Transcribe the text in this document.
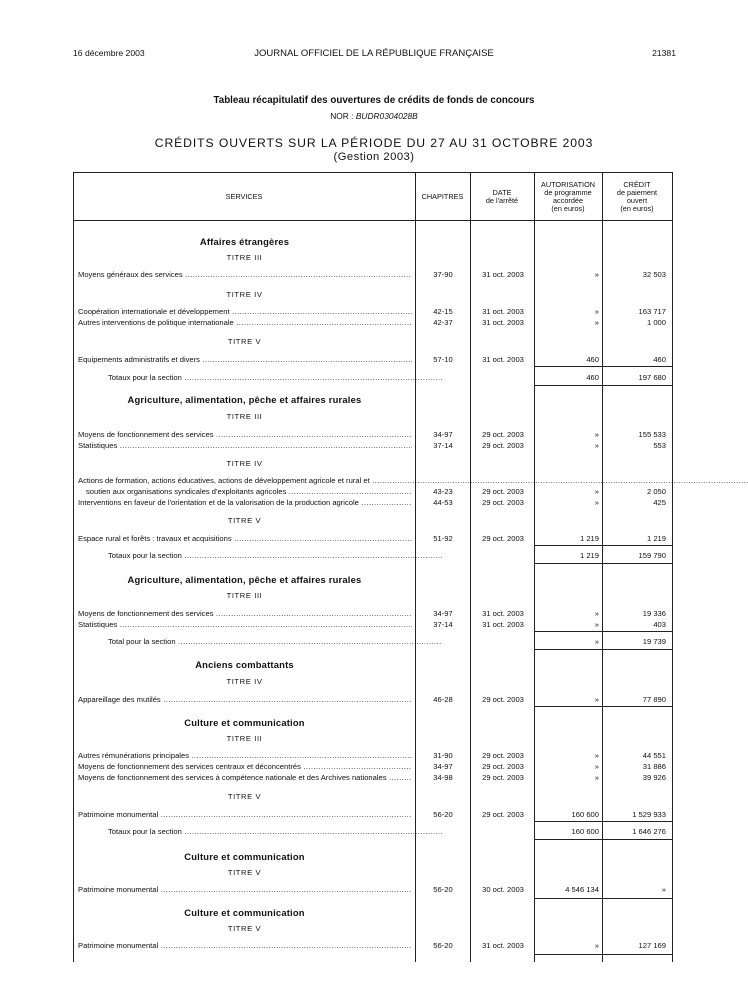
16 décembre 2003	JOURNAL OFFICIEL DE LA RÉPUBLIQUE FRANÇAISE	21381
Tableau récapitulatif des ouvertures de crédits de fonds de concours
NOR : BUDR0304028B
CRÉDITS OUVERTS SUR LA PÉRIODE DU 27 AU 31 OCTOBRE 2003
(Gestion 2003)
SERVICES	CHAPITRES	DATE
de l'arrêté
AUTORISATION
de programme
accordée
(en euros)
CRÉDIT
de paiement
ouvert
(en euros)
Affaires étrangères
TITRE III
Moyens généraux des services .....	37-90	31 oct. 2003	»	32 503
TITRE IV
Coopération internationale et développement .....	42-15	31 oct. 2003	»	163 717
Autres interventions de politique internationale .....	42-37	31 oct. 2003	»	1 000
TITRE V
Equipements administratifs et divers .....	57-10	31 oct. 2003	460	460
Totaux pour la section .....	460	197 680
Agriculture, alimentation, pêche et affaires rurales
TITRE III
Moyens de fonctionnement des services .....	34-97	29 oct. 2003	»	155 533
Statistiques .....	37-14	29 oct. 2003	»	553
TITRE IV
Actions de formation, actions éducatives, actions de développement agricole et rural et .....
soutien aux organisations syndicales d'exploitants agricoles .....	43-23	29 oct. 2003	»	2 050
Interventions en faveur de l'orientation et de la valorisation de la production agricole .....	44-53	29 oct. 2003	»	425
TITRE V
Espace rural et forêts : travaux et acquisitions .....	51-92	29 oct. 2003	1 219	1 219
Totaux pour la section .....	1 219	159 790
Agriculture, alimentation, pêche et affaires rurales
TITRE III
Moyens de fonctionnement des services .....	34-97	31 oct. 2003	»	19 336
Statistiques .....	37-14	31 oct. 2003	»	403
Total pour la section .....	»	19 739
Anciens combattants
TITRE IV
Appareillage des mutilés .....	46-28	29 oct. 2003	»	77 890
Culture et communication
TITRE III
Autres rémunérations principales .....	31-90	29 oct. 2003	»	44 551
Moyens de fonctionnement des services centraux et déconcentrés .....	34-97	29 oct. 2003	»	31 886
Moyens de fonctionnement des services à compétence nationale et des Archives nationales .....	34-98	29 oct. 2003	»	39 926
TITRE V
Patrimoine monumental .....	56-20	29 oct. 2003	160 600	1 529 933
Totaux pour la section .....	160 600	1 646 276
Culture et communication
TITRE V
Patrimoine monumental .....	56-20	30 oct. 2003	4 546 134	»
Culture et communication
TITRE V
Patrimoine monumental .....	56-20	31 oct. 2003	»	127 169
